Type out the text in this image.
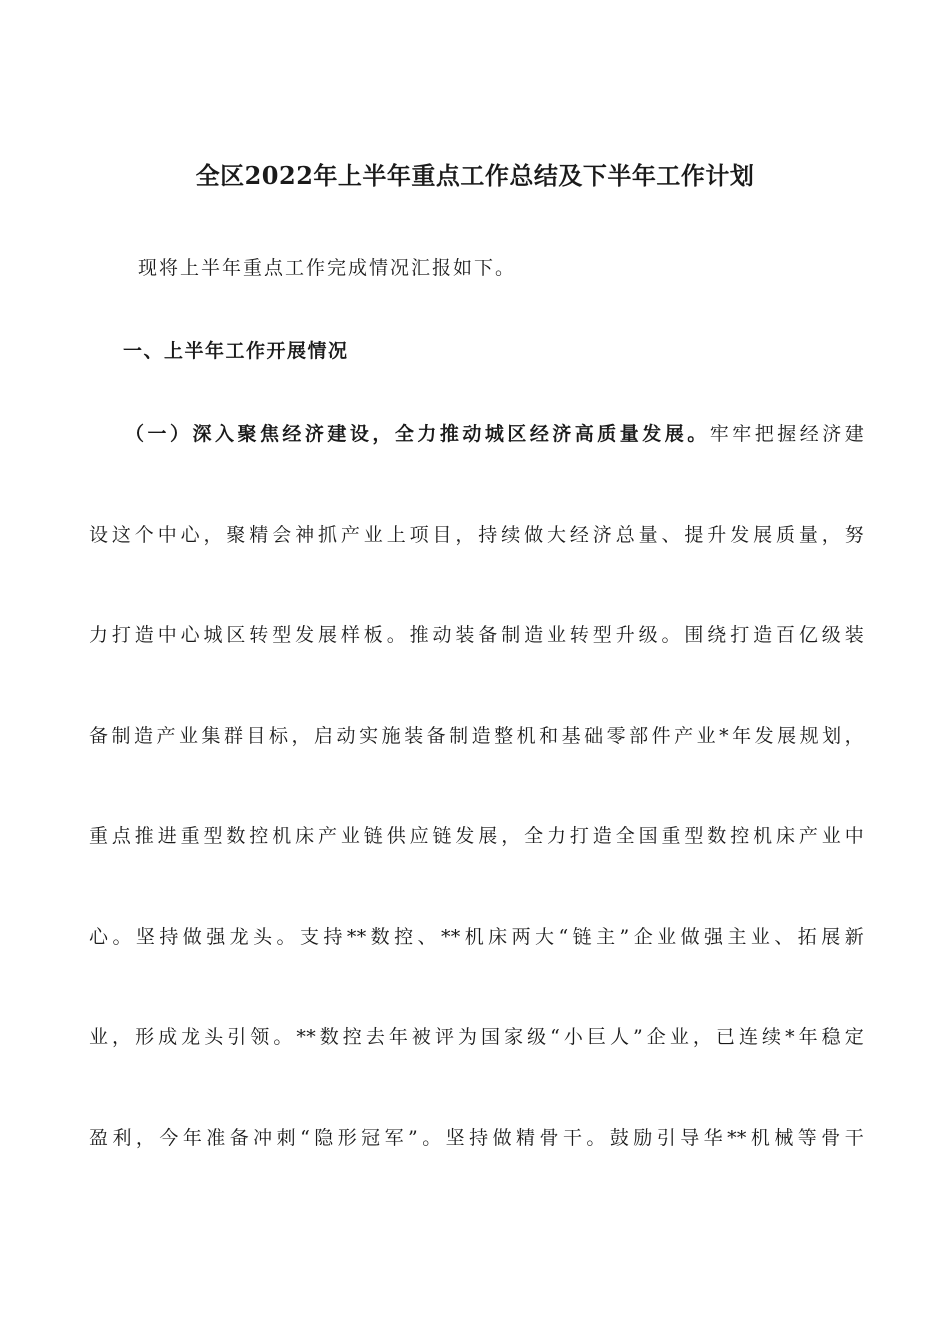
全区2022年上半年重点工作总结及下半年工作计划

现将上半年重点工作完成情况汇报如下。

一、上半年工作开展情况
（一）深入聚焦经济建设，全力推动城区经济高质量发展。牢牢把握经济建
设这个中心，聚精会神抓产业上项目，持续做大经济总量、提升发展质量，努
力打造中心城区转型发展样板。推动装备制造业转型升级。围绕打造百亿级装
备制造产业集群目标，启动实施装备制造整机和基础零部件产业*年发展规划，
重点推进重型数控机床产业链供应链发展，全力打造全国重型数控机床产业中
心。坚持做强龙头。支持**数控、**机床两大“链主”企业做强主业、拓展新
业，形成龙头引领。**数控去年被评为国家级“小巨人”企业，已连续*年稳定
盈利，今年准备冲刺“隐形冠军”。坚持做精骨干。鼓励引导华**机械等骨干
